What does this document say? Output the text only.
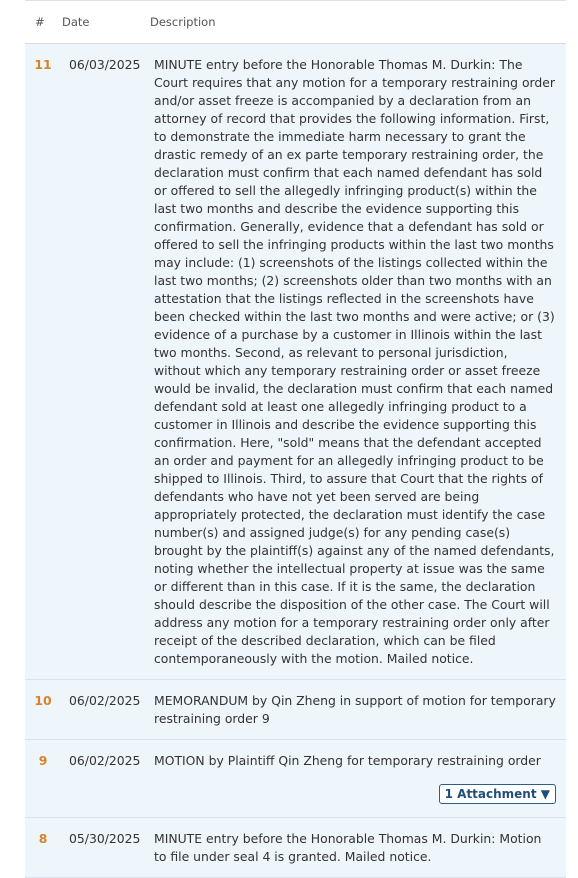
#	Date	Description
11	06/03/2025	MINUTE entry before the Honorable Thomas M. Durkin: The Court requires that any motion for a temporary restraining order and/or asset freeze is accompanied by a declaration from an attorney of record that provides the following information. First, to demonstrate the immediate harm necessary to grant the drastic remedy of an ex parte temporary restraining order, the declaration must confirm that each named defendant has sold or offered to sell the allegedly infringing product(s) within the last two months and describe the evidence supporting this confirmation. Generally, evidence that a defendant has sold or offered to sell the infringing products within the last two months may include: (1) screenshots of the listings collected within the last two months; (2) screenshots older than two months with an attestation that the listings reflected in the screenshots have been checked within the last two months and were active; or (3) evidence of a purchase by a customer in Illinois within the last two months. Second, as relevant to personal jurisdiction, without which any temporary restraining order or asset freeze would be invalid, the declaration must confirm that each named defendant sold at least one allegedly infringing product to a customer in Illinois and describe the evidence supporting this confirmation. Here, "sold" means that the defendant accepted an order and payment for an allegedly infringing product to be shipped to Illinois. Third, to assure that Court that the rights of defendants who have not yet been served are being appropriately protected, the declaration must identify the case number(s) and assigned judge(s) for any pending case(s) brought by the plaintiff(s) against any of the named defendants, noting whether the intellectual property at issue was the same or different than in this case. If it is the same, the declaration should describe the disposition of the other case. The Court will address any motion for a temporary restraining order only after receipt of the described declaration, which can be filed contemporaneously with the motion. Mailed notice.
10	06/02/2025	MEMORANDUM by Qin Zheng in support of motion for temporary restraining order 9
9	06/02/2025	MOTION by Plaintiff Qin Zheng for temporary restraining order
1 Attachment ▼
8	05/30/2025	MINUTE entry before the Honorable Thomas M. Durkin: Motion to file under seal 4 is granted. Mailed notice.
